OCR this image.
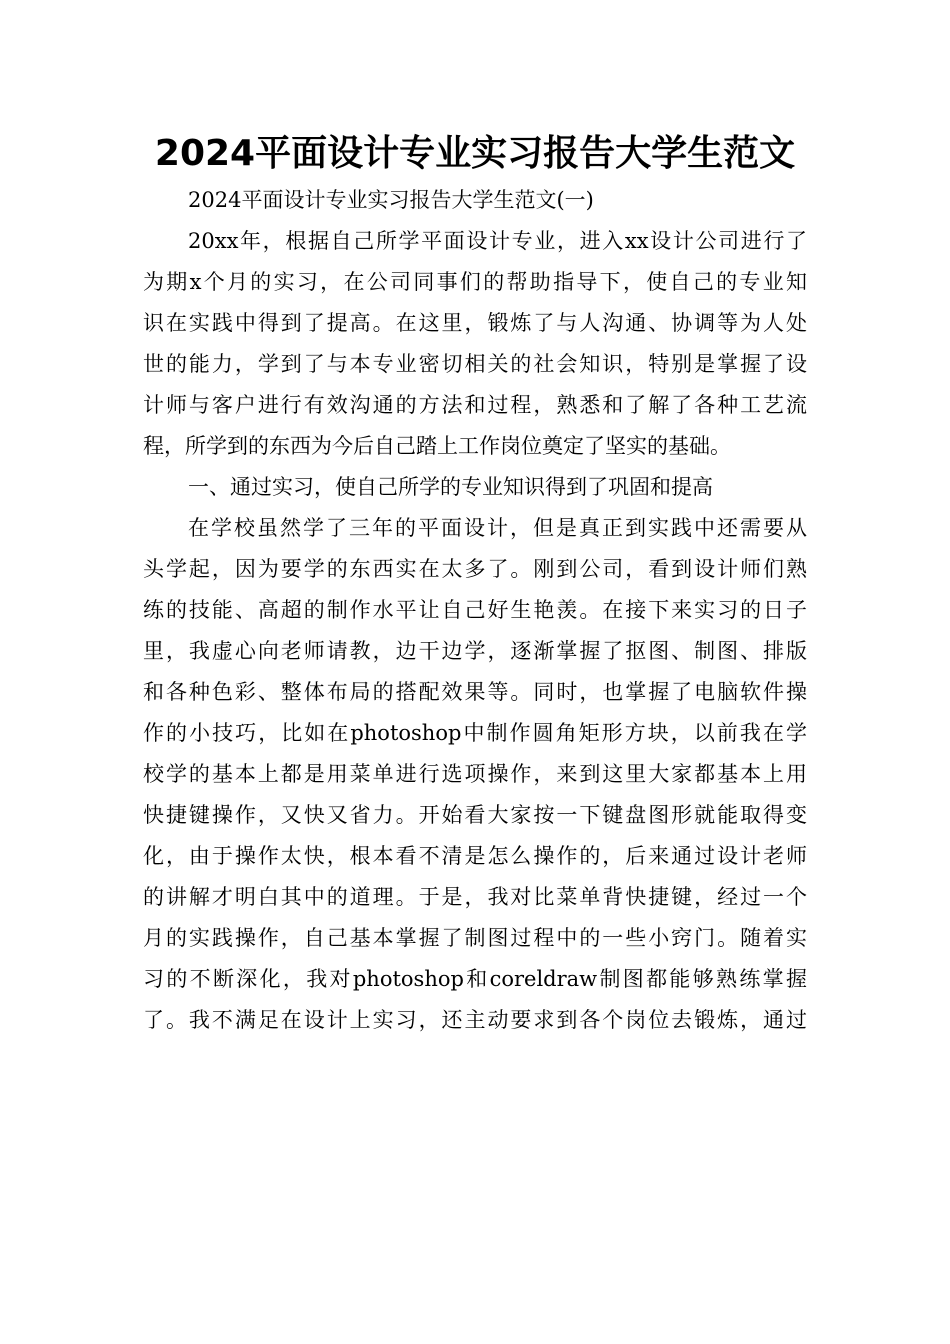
2024平面设计专业实习报告大学生范文

2024平面设计专业实习报告大学生范文(一)

20xx年，根据自己所学平面设计专业，进入xx设计公司进行了
为期x个月的实习，在公司同事们的帮助指导下，使自己的专业知
识在实践中得到了提高。在这里，锻炼了与人沟通、协调等为人处
世的能力，学到了与本专业密切相关的社会知识，特别是掌握了设
计师与客户进行有效沟通的方法和过程，熟悉和了解了各种工艺流
程，所学到的东西为今后自己踏上工作岗位奠定了坚实的基础。

一、通过实习，使自己所学的专业知识得到了巩固和提高

在学校虽然学了三年的平面设计，但是真正到实践中还需要从
头学起，因为要学的东西实在太多了。刚到公司，看到设计师们熟
练的技能、高超的制作水平让自己好生艳羡。在接下来实习的日子
里，我虚心向老师请教，边干边学，逐渐掌握了抠图、制图、排版
和各种色彩、整体布局的搭配效果等。同时，也掌握了电脑软件操
作的小技巧，比如在photoshop中制作圆角矩形方块，以前我在学
校学的基本上都是用菜单进行选项操作，来到这里大家都基本上用
快捷键操作，又快又省力。开始看大家按一下键盘图形就能取得变
化，由于操作太快，根本看不清是怎么操作的，后来通过设计老师
的讲解才明白其中的道理。于是，我对比菜单背快捷键，经过一个
月的实践操作，自己基本掌握了制图过程中的一些小窍门。随着实
习的不断深化，我对photoshop和coreldraw制图都能够熟练掌握
了。我不满足在设计上实习，还主动要求到各个岗位去锻炼，通过
